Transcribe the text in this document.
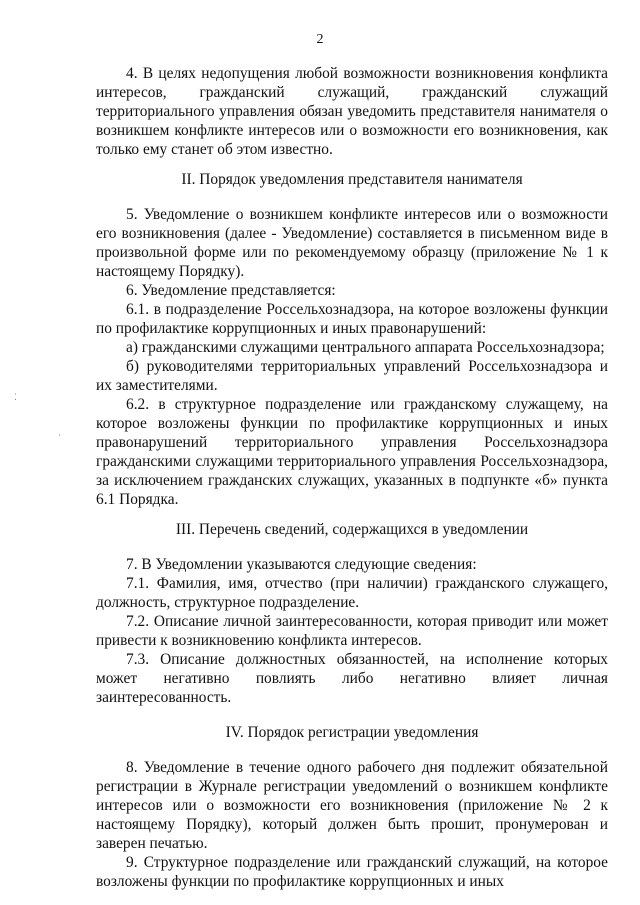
2
⁚
·

4. В целях недопущения любой возможности возникновения конфликта интересов, гражданский служащий, гражданский служащий территориального управления обязан уведомить представителя нанимателя о возникшем конфликте интересов или о возможности его возникновения, как только ему станет об этом известно.

II. Порядок уведомления представителя нанимателя

5. Уведомление о возникшем конфликте интересов или о возможности его возникновения (далее - Уведомление) составляется в письменном виде в произвольной форме или по рекомендуемому образцу (приложение № 1 к настоящему Порядку).

6. Уведомление представляется:

6.1. в подразделение Россельхознадзора, на которое возложены функции по профилактике коррупционных и иных правонарушений:

а) гражданскими служащими центрального аппарата Россельхознадзора;

б) руководителями территориальных управлений Россельхознадзора и их заместителями.

6.2. в структурное подразделение или гражданскому служащему, на которое возложены функции по профилактике коррупционных и иных правонарушений территориального управления Россельхознадзора гражданскими служащими территориального управления Россельхознадзора, за исключением гражданских служащих, указанных в подпункте «б» пункта 6.1 Порядка.

III. Перечень сведений, содержащихся в уведомлении

7. В Уведомлении указываются следующие сведения:

7.1. Фамилия, имя, отчество (при наличии) гражданского служащего, должность, структурное подразделение.

7.2. Описание личной заинтересованности, которая приводит или может привести к возникновению конфликта интересов.

7.3. Описание должностных обязанностей, на исполнение которых может негативно повлиять либо негативно влияет личная заинтересованность.

IV. Порядок регистрации уведомления

8. Уведомление в течение одного рабочего дня подлежит обязательной регистрации в Журнале регистрации уведомлений о возникшем конфликте интересов или о возможности его возникновения (приложение № 2 к настоящему Порядку), который должен быть прошит, пронумерован и заверен печатью.

9. Структурное подразделение или гражданский служащий, на которое возложены функции по профилактике коррупционных и иных
